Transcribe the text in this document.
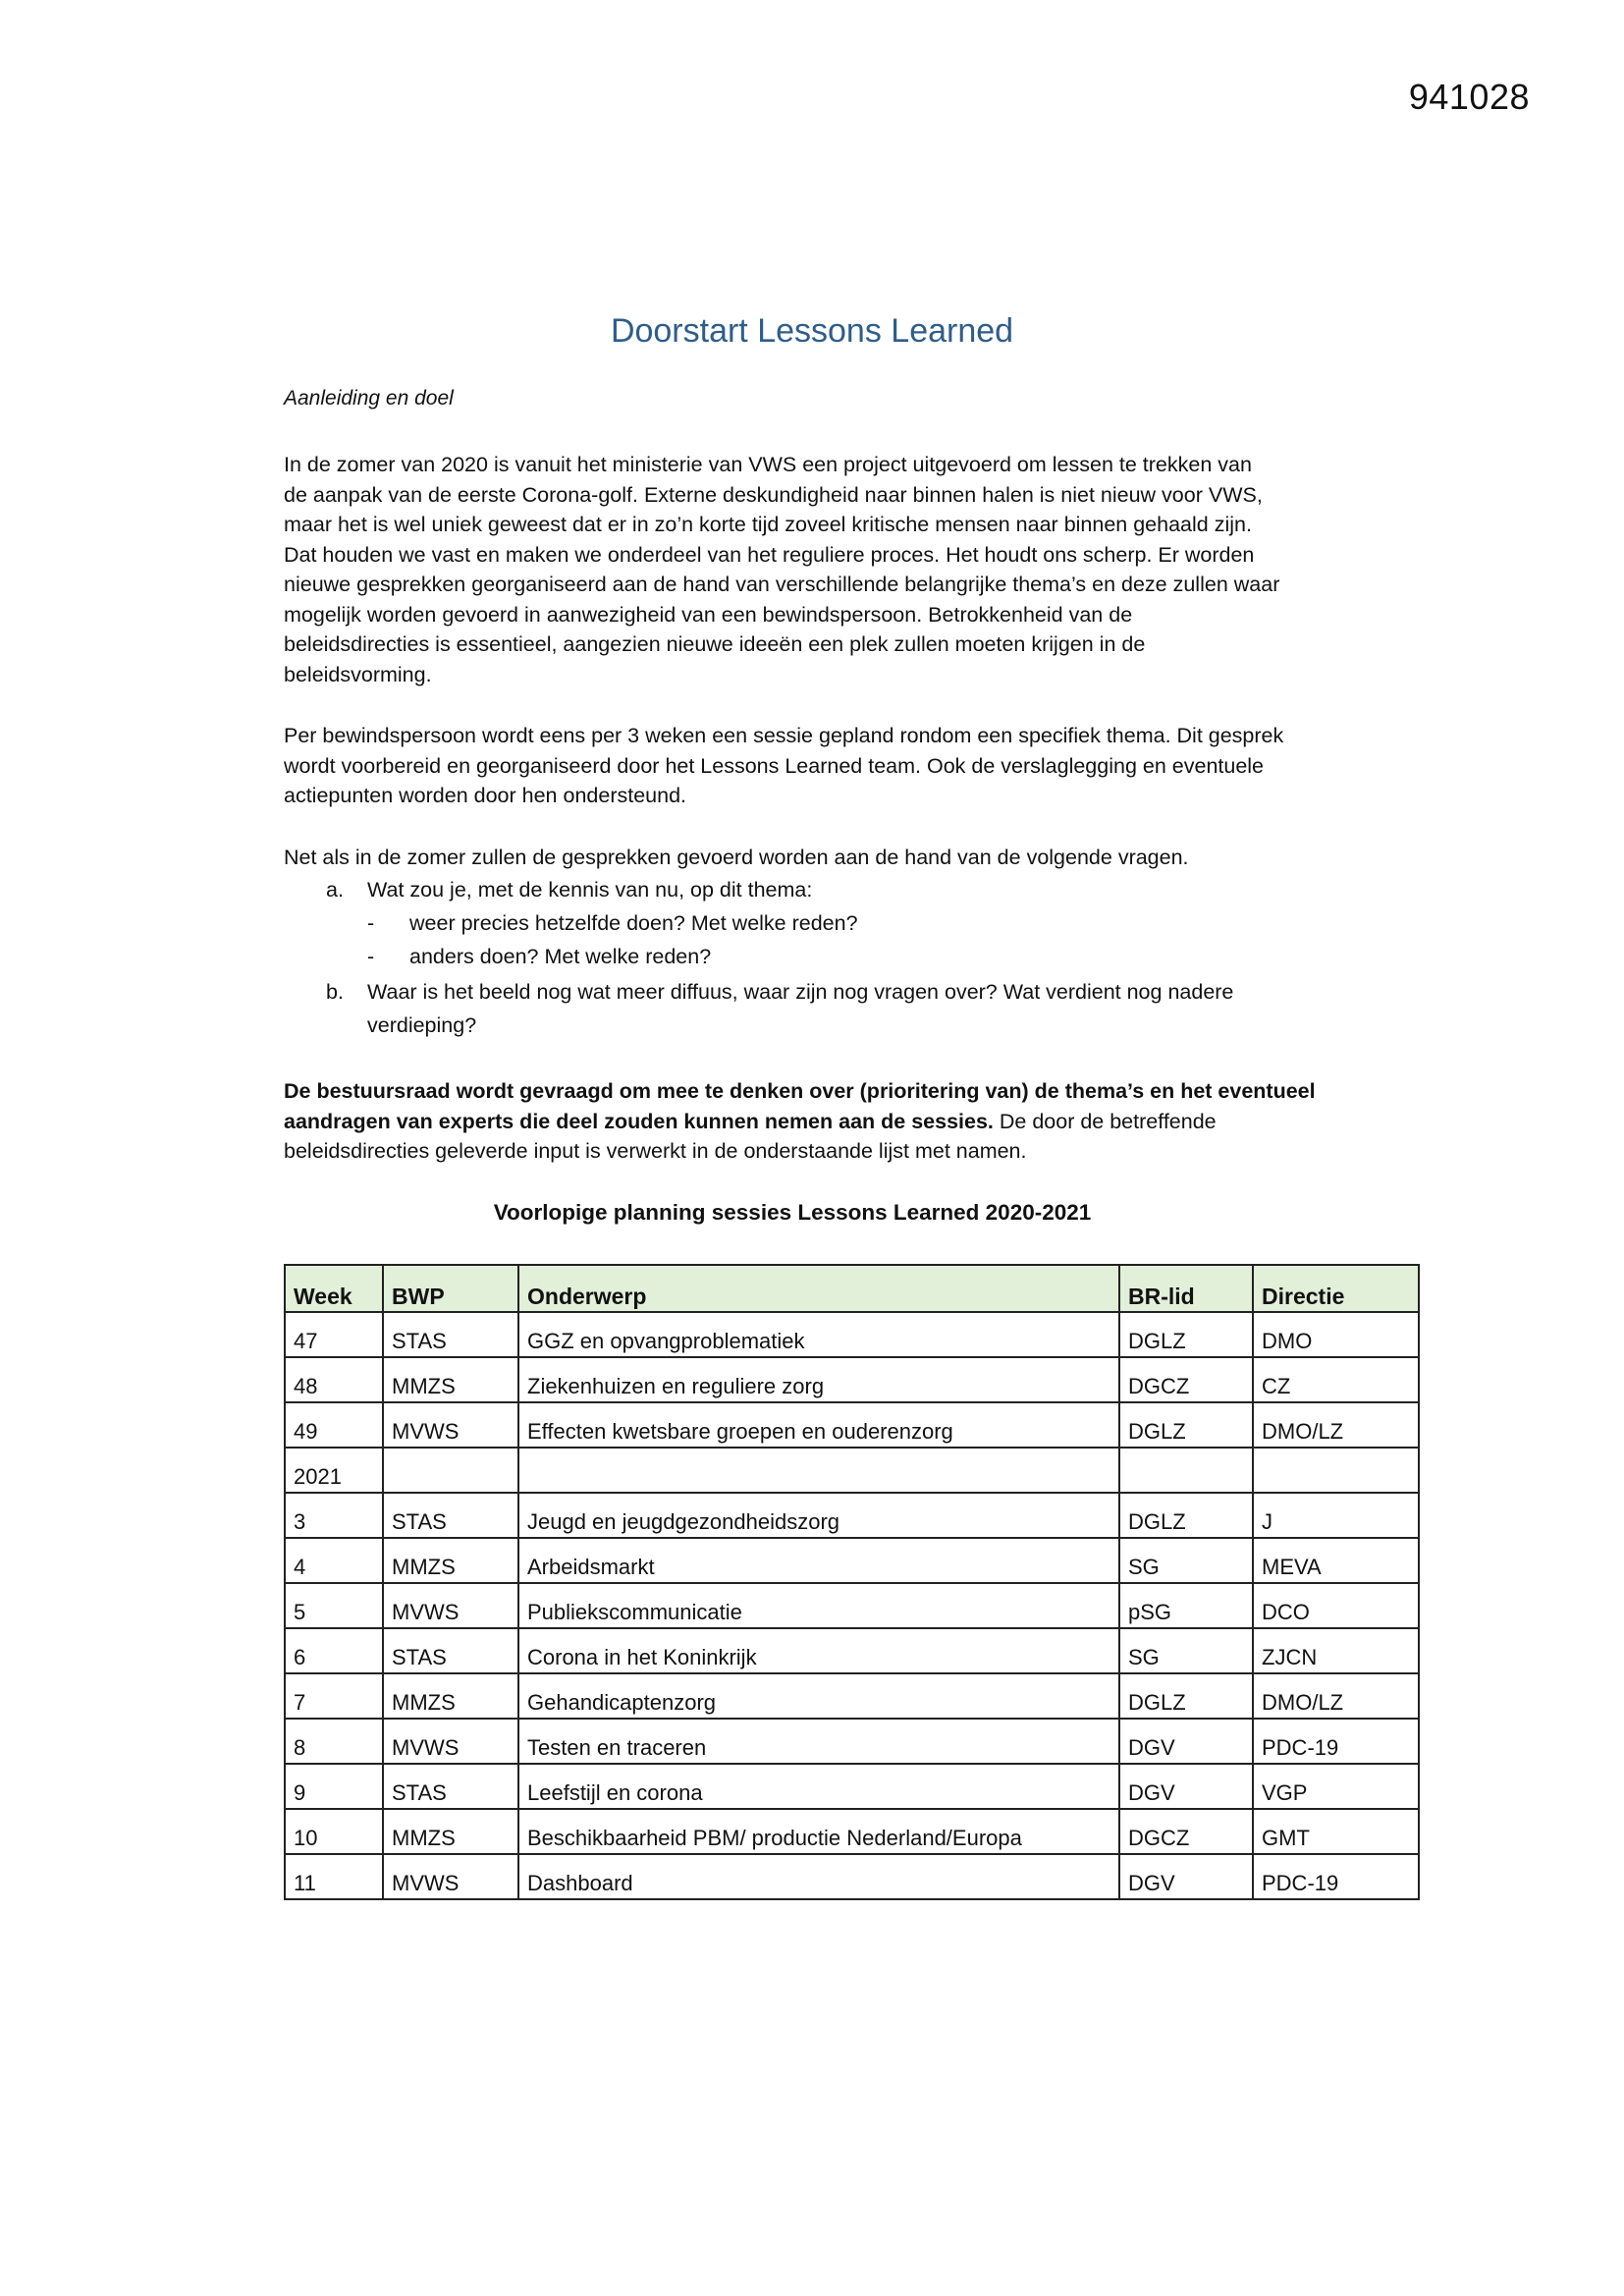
941028
Doorstart Lessons Learned
Aanleiding en doel
In de zomer van 2020 is vanuit het ministerie van VWS een project uitgevoerd om lessen te trekken van
de aanpak van de eerste Corona-golf. Externe deskundigheid naar binnen halen is niet nieuw voor VWS,
maar het is wel uniek geweest dat er in zo’n korte tijd zoveel kritische mensen naar binnen gehaald zijn.
Dat houden we vast en maken we onderdeel van het reguliere proces. Het houdt ons scherp. Er worden
nieuwe gesprekken georganiseerd aan de hand van verschillende belangrijke thema’s en deze zullen waar
mogelijk worden gevoerd in aanwezigheid van een bewindspersoon. Betrokkenheid van de
beleidsdirecties is essentieel, aangezien nieuwe ideeën een plek zullen moeten krijgen in de
beleidsvorming.
Per bewindspersoon wordt eens per 3 weken een sessie gepland rondom een specifiek thema. Dit gesprek
wordt voorbereid en georganiseerd door het Lessons Learned team. Ook de verslaglegging en eventuele
actiepunten worden door hen ondersteund.
Net als in de zomer zullen de gesprekken gevoerd worden aan de hand van de volgende vragen.
a. Wat zou je, met de kennis van nu, op dit thema:
- weer precies hetzelfde doen? Met welke reden?
- anders doen? Met welke reden?
b. Waar is het beeld nog wat meer diffuus, waar zijn nog vragen over? Wat verdient nog nadere
verdieping?
De bestuursraad wordt gevraagd om mee te denken over (prioritering van) de thema’s en het eventueel
aandragen van experts die deel zouden kunnen nemen aan de sessies. De door de betreffende
beleidsdirecties geleverde input is verwerkt in de onderstaande lijst met namen.
Voorlopige planning sessies Lessons Learned 2020-2021
Week	BWP	Onderwerp	BR-lid	Directie
47	STAS	GGZ en opvangproblematiek	DGLZ	DMO
48	MMZS	Ziekenhuizen en reguliere zorg	DGCZ	CZ
49	MVWS	Effecten kwetsbare groepen en ouderenzorg	DGLZ	DMO/LZ
2021				
3	STAS	Jeugd en jeugdgezondheidszorg	DGLZ	J
4	MMZS	Arbeidsmarkt	SG	MEVA
5	MVWS	Publiekscommunicatie	pSG	DCO
6	STAS	Corona in het Koninkrijk	SG	ZJCN
7	MMZS	Gehandicaptenzorg	DGLZ	DMO/LZ
8	MVWS	Testen en traceren	DGV	PDC-19
9	STAS	Leefstijl en corona	DGV	VGP
10	MMZS	Beschikbaarheid PBM/ productie Nederland/Europa	DGCZ	GMT
11	MVWS	Dashboard	DGV	PDC-19
